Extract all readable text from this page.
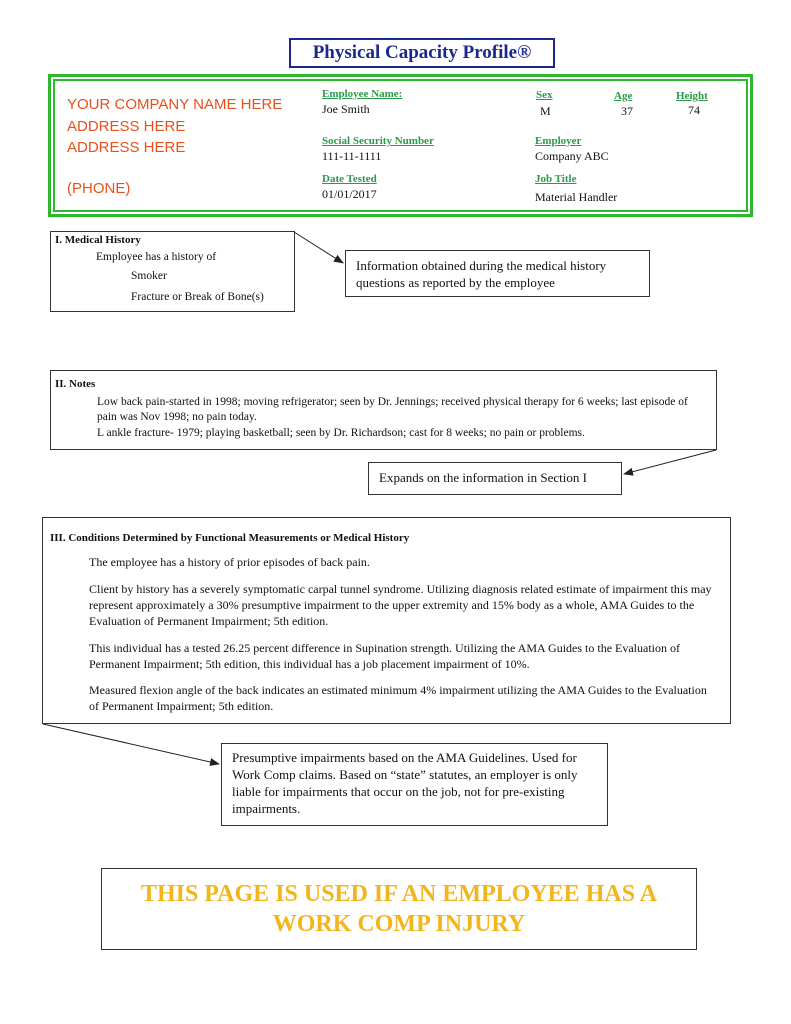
Physical Capacity Profile®
YOUR COMPANY NAME HERE
ADDRESS HERE
ADDRESS HERE
(PHONE)
Employee Name:
Joe Smith
Sex
M
Age
37
Height
74
Social Security Number
111-11-1111
Employer
Company ABC
Date Tested
01/01/2017
Job Title
Material Handler
I. Medical History
Employee has a history of
Smoker
Fracture or Break of Bone(s)
Information obtained during the medical history questions as reported by the employee
II. Notes
Low back pain-started in 1998; moving refrigerator; seen by Dr. Jennings; received physical therapy for 6 weeks; last episode of pain was Nov 1998; no pain today.
L ankle fracture- 1979; playing basketball; seen by Dr. Richardson; cast for 8 weeks; no pain or problems.
Expands on the information in Section I
III. Conditions Determined by Functional Measurements or Medical History
The employee has a history of prior episodes of back pain.
Client by history has a severely symptomatic carpal tunnel syndrome. Utilizing diagnosis related estimate of impairment this may represent approximately a 30% presumptive impairment to the upper extremity and 15% body as a whole, AMA Guides to the Evaluation of Permanent Impairment; 5th edition.
This individual has a tested 26.25 percent difference in Supination strength. Utilizing the AMA Guides to the Evaluation of Permanent Impairment; 5th edition, this individual has a job placement impairment of 10%.
Measured flexion angle of the back indicates an estimated minimum 4% impairment utilizing the AMA Guides to the Evaluation of Permanent Impairment; 5th edition.
Presumptive impairments based on the AMA Guidelines. Used for Work Comp claims. Based on “state” statutes, an employer is only liable for impairments that occur on the job, not for pre-existing impairments.
THIS PAGE IS USED IF AN EMPLOYEE HAS A WORK COMP INJURY
